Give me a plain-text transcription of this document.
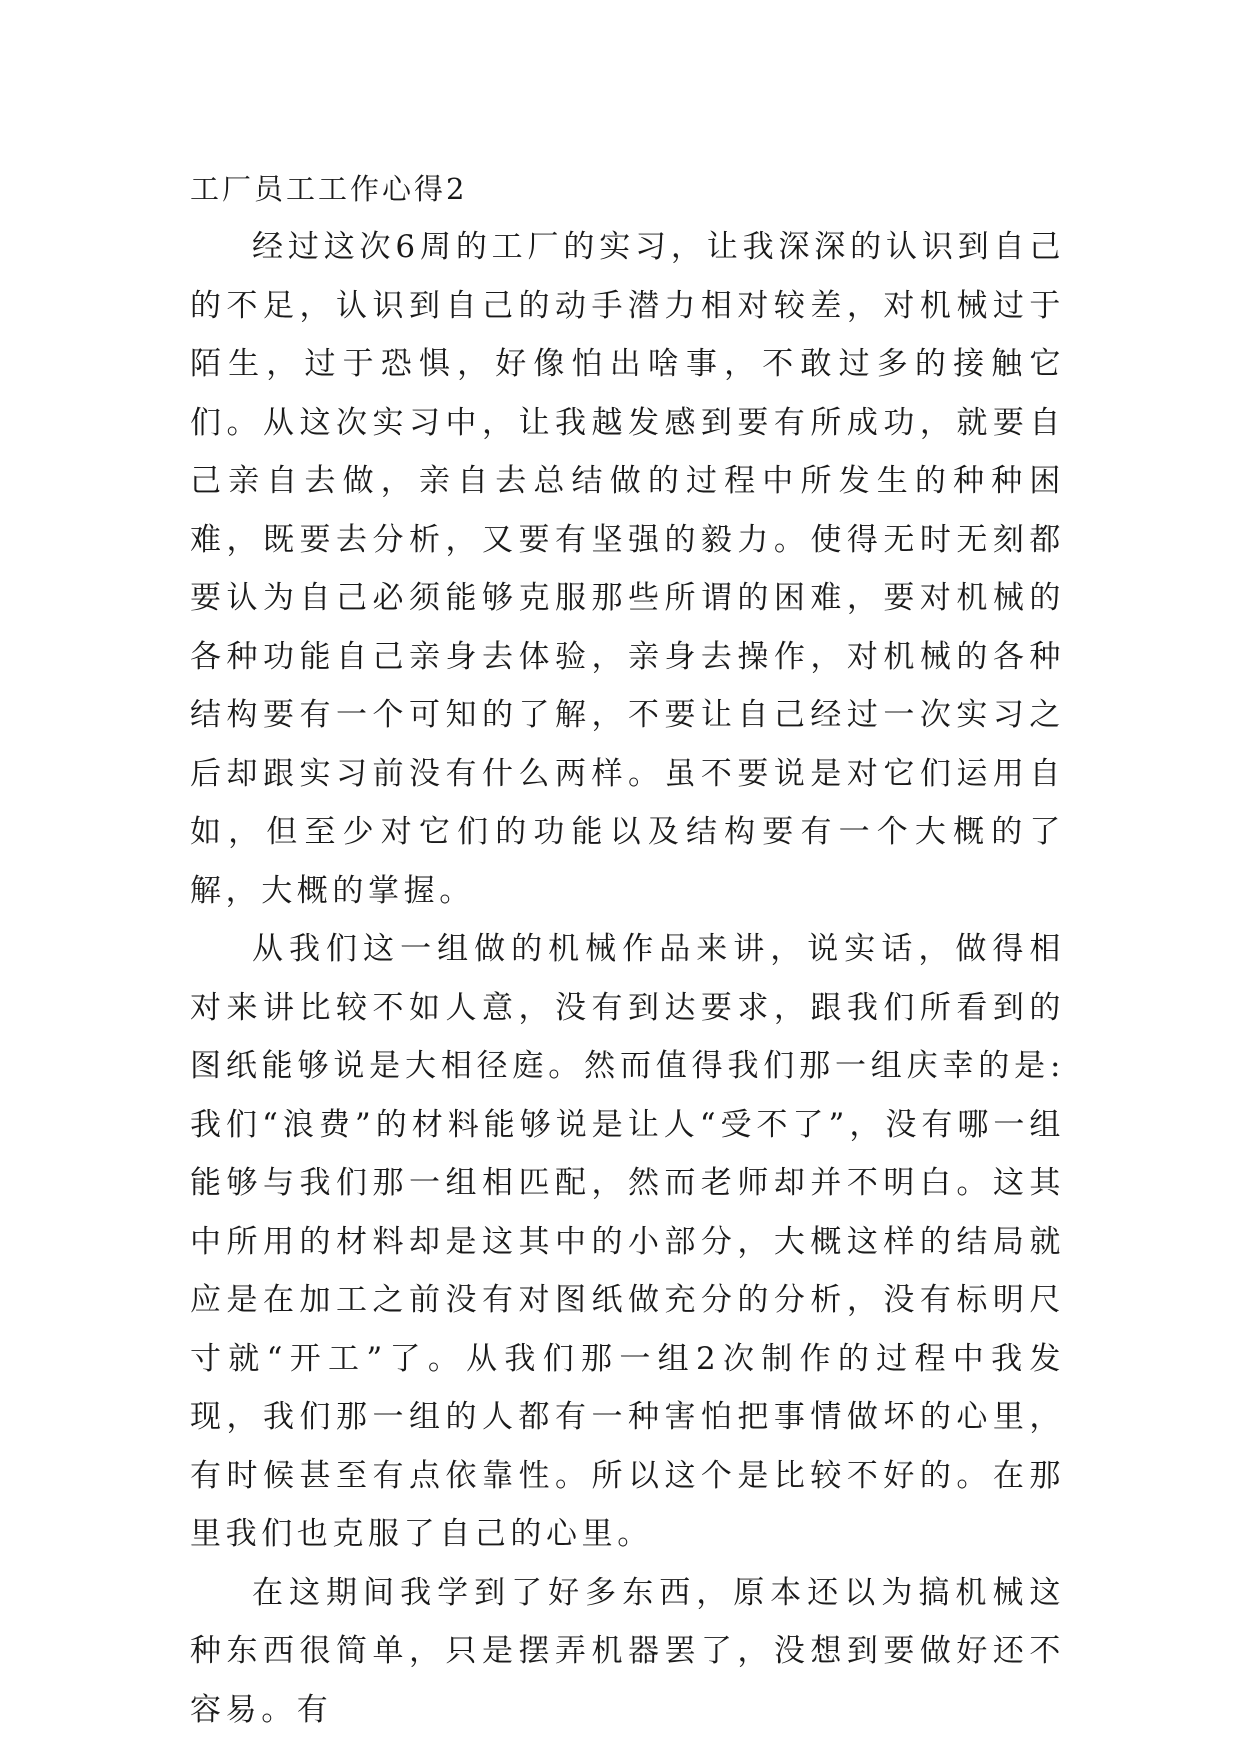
工厂员工工作心得2

经过这次6周的工厂的实习，让我深深的认识到自己的不足，认识到自己的动手潜力相对较差，对机械过于陌生，过于恐惧，好像怕出啥事，不敢过多的接触它们。从这次实习中，让我越发感到要有所成功，就要自己亲自去做，亲自去总结做的过程中所发生的种种困难，既要去分析，又要有坚强的毅力。使得无时无刻都要认为自己必须能够克服那些所谓的困难，要对机械的各种功能自己亲身去体验，亲身去操作，对机械的各种结构要有一个可知的了解，不要让自己经过一次实习之后却跟实习前没有什么两样。虽不要说是对它们运用自如，但至少对它们的功能以及结构要有一个大概的了解，大概的掌握。

从我们这一组做的机械作品来讲，说实话，做得相对来讲比较不如人意，没有到达要求，跟我们所看到的图纸能够说是大相径庭。然而值得我们那一组庆幸的是:我们“浪费”的材料能够说是让人“受不了”，没有哪一组能够与我们那一组相匹配，然而老师却并不明白。这其中所用的材料却是这其中的小部分，大概这样的结局就应是在加工之前没有对图纸做充分的分析，没有标明尺寸就“开工”了。从我们那一组2次制作的过程中我发现，我们那一组的人都有一种害怕把事情做坏的心里，有时候甚至有点依靠性。所以这个是比较不好的。在那里我们也克服了自己的心里。

在这期间我学到了好多东西，原本还以为搞机械这种东西很简单，只是摆弄机器罢了，没想到要做好还不容易。有
